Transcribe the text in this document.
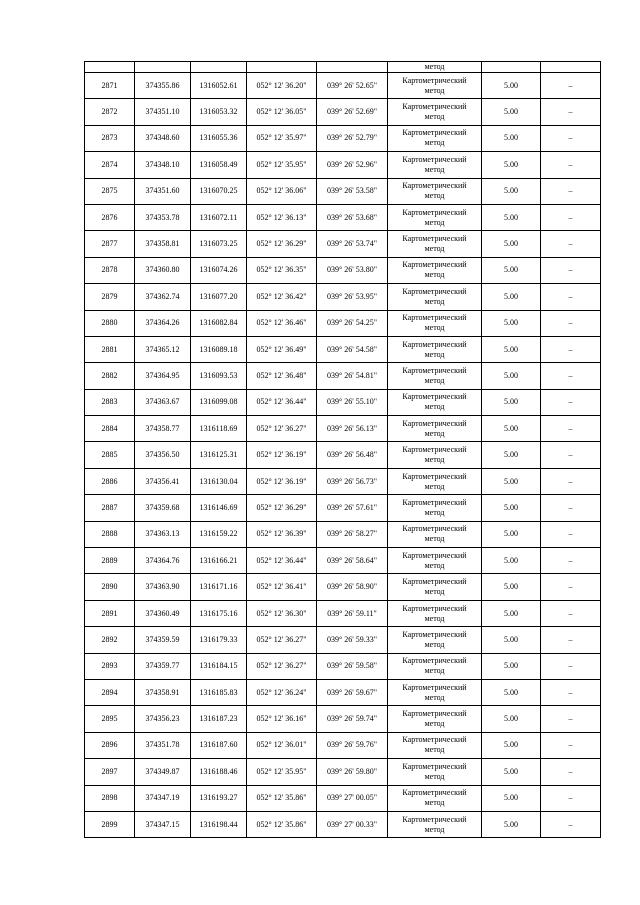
					метод		
2871	374355.86	1316052.61	052° 12' 36.20"	039° 26' 52.65"	Картометрический
метод	5.00	–
2872	374351.10	1316053.32	052° 12' 36.05"	039° 26' 52.69"	Картометрический
метод	5.00	–
2873	374348.60	1316055.36	052° 12' 35.97"	039° 26' 52.79"	Картометрический
метод	5.00	–
2874	374348.10	1316058.49	052° 12' 35.95"	039° 26' 52.96"	Картометрический
метод	5.00	–
2875	374351.60	1316070.25	052° 12' 36.06"	039° 26' 53.58"	Картометрический
метод	5.00	–
2876	374353.78	1316072.11	052° 12' 36.13"	039° 26' 53.68"	Картометрический
метод	5.00	–
2877	374358.81	1316073.25	052° 12' 36.29"	039° 26' 53.74"	Картометрический
метод	5.00	–
2878	374360.80	1316074.26	052° 12' 36.35"	039° 26' 53.80"	Картометрический
метод	5.00	–
2879	374362.74	1316077.20	052° 12' 36.42"	039° 26' 53.95"	Картометрический
метод	5.00	–
2880	374364.26	1316082.84	052° 12' 36.46"	039° 26' 54.25"	Картометрический
метод	5.00	–
2881	374365.12	1316089.18	052° 12' 36.49"	039° 26' 54.58"	Картометрический
метод	5.00	–
2882	374364.95	1316093.53	052° 12' 36.48"	039° 26' 54.81"	Картометрический
метод	5.00	–
2883	374363.67	1316099.08	052° 12' 36.44"	039° 26' 55.10"	Картометрический
метод	5.00	–
2884	374358.77	1316118.69	052° 12' 36.27"	039° 26' 56.13"	Картометрический
метод	5.00	–
2885	374356.50	1316125.31	052° 12' 36.19"	039° 26' 56.48"	Картометрический
метод	5.00	–
2886	374356.41	1316130.04	052° 12' 36.19"	039° 26' 56.73"	Картометрический
метод	5.00	–
2887	374359.68	1316146.69	052° 12' 36.29"	039° 26' 57.61"	Картометрический
метод	5.00	–
2888	374363.13	1316159.22	052° 12' 36.39"	039° 26' 58.27"	Картометрический
метод	5.00	–
2889	374364.76	1316166.21	052° 12' 36.44"	039° 26' 58.64"	Картометрический
метод	5.00	–
2890	374363.90	1316171.16	052° 12' 36.41"	039° 26' 58.90"	Картометрический
метод	5.00	–
2891	374360.49	1316175.16	052° 12' 36.30"	039° 26' 59.11"	Картометрический
метод	5.00	–
2892	374359.59	1316179.33	052° 12' 36.27"	039° 26' 59.33"	Картометрический
метод	5.00	–
2893	374359.77	1316184.15	052° 12' 36.27"	039° 26' 59.58"	Картометрический
метод	5.00	–
2894	374358.91	1316185.83	052° 12' 36.24"	039° 26' 59.67"	Картометрический
метод	5.00	–
2895	374356.23	1316187.23	052° 12' 36.16"	039° 26' 59.74"	Картометрический
метод	5.00	–
2896	374351.78	1316187.60	052° 12' 36.01"	039° 26' 59.76"	Картометрический
метод	5.00	–
2897	374349.87	1316188.46	052° 12' 35.95"	039° 26' 59.80"	Картометрический
метод	5.00	–
2898	374347.19	1316193.27	052° 12' 35.86"	039° 27' 00.05"	Картометрический
метод	5.00	–
2899	374347.15	1316198.44	052° 12' 35.86"	039° 27' 00.33"	Картометрический
метод	5.00	–
